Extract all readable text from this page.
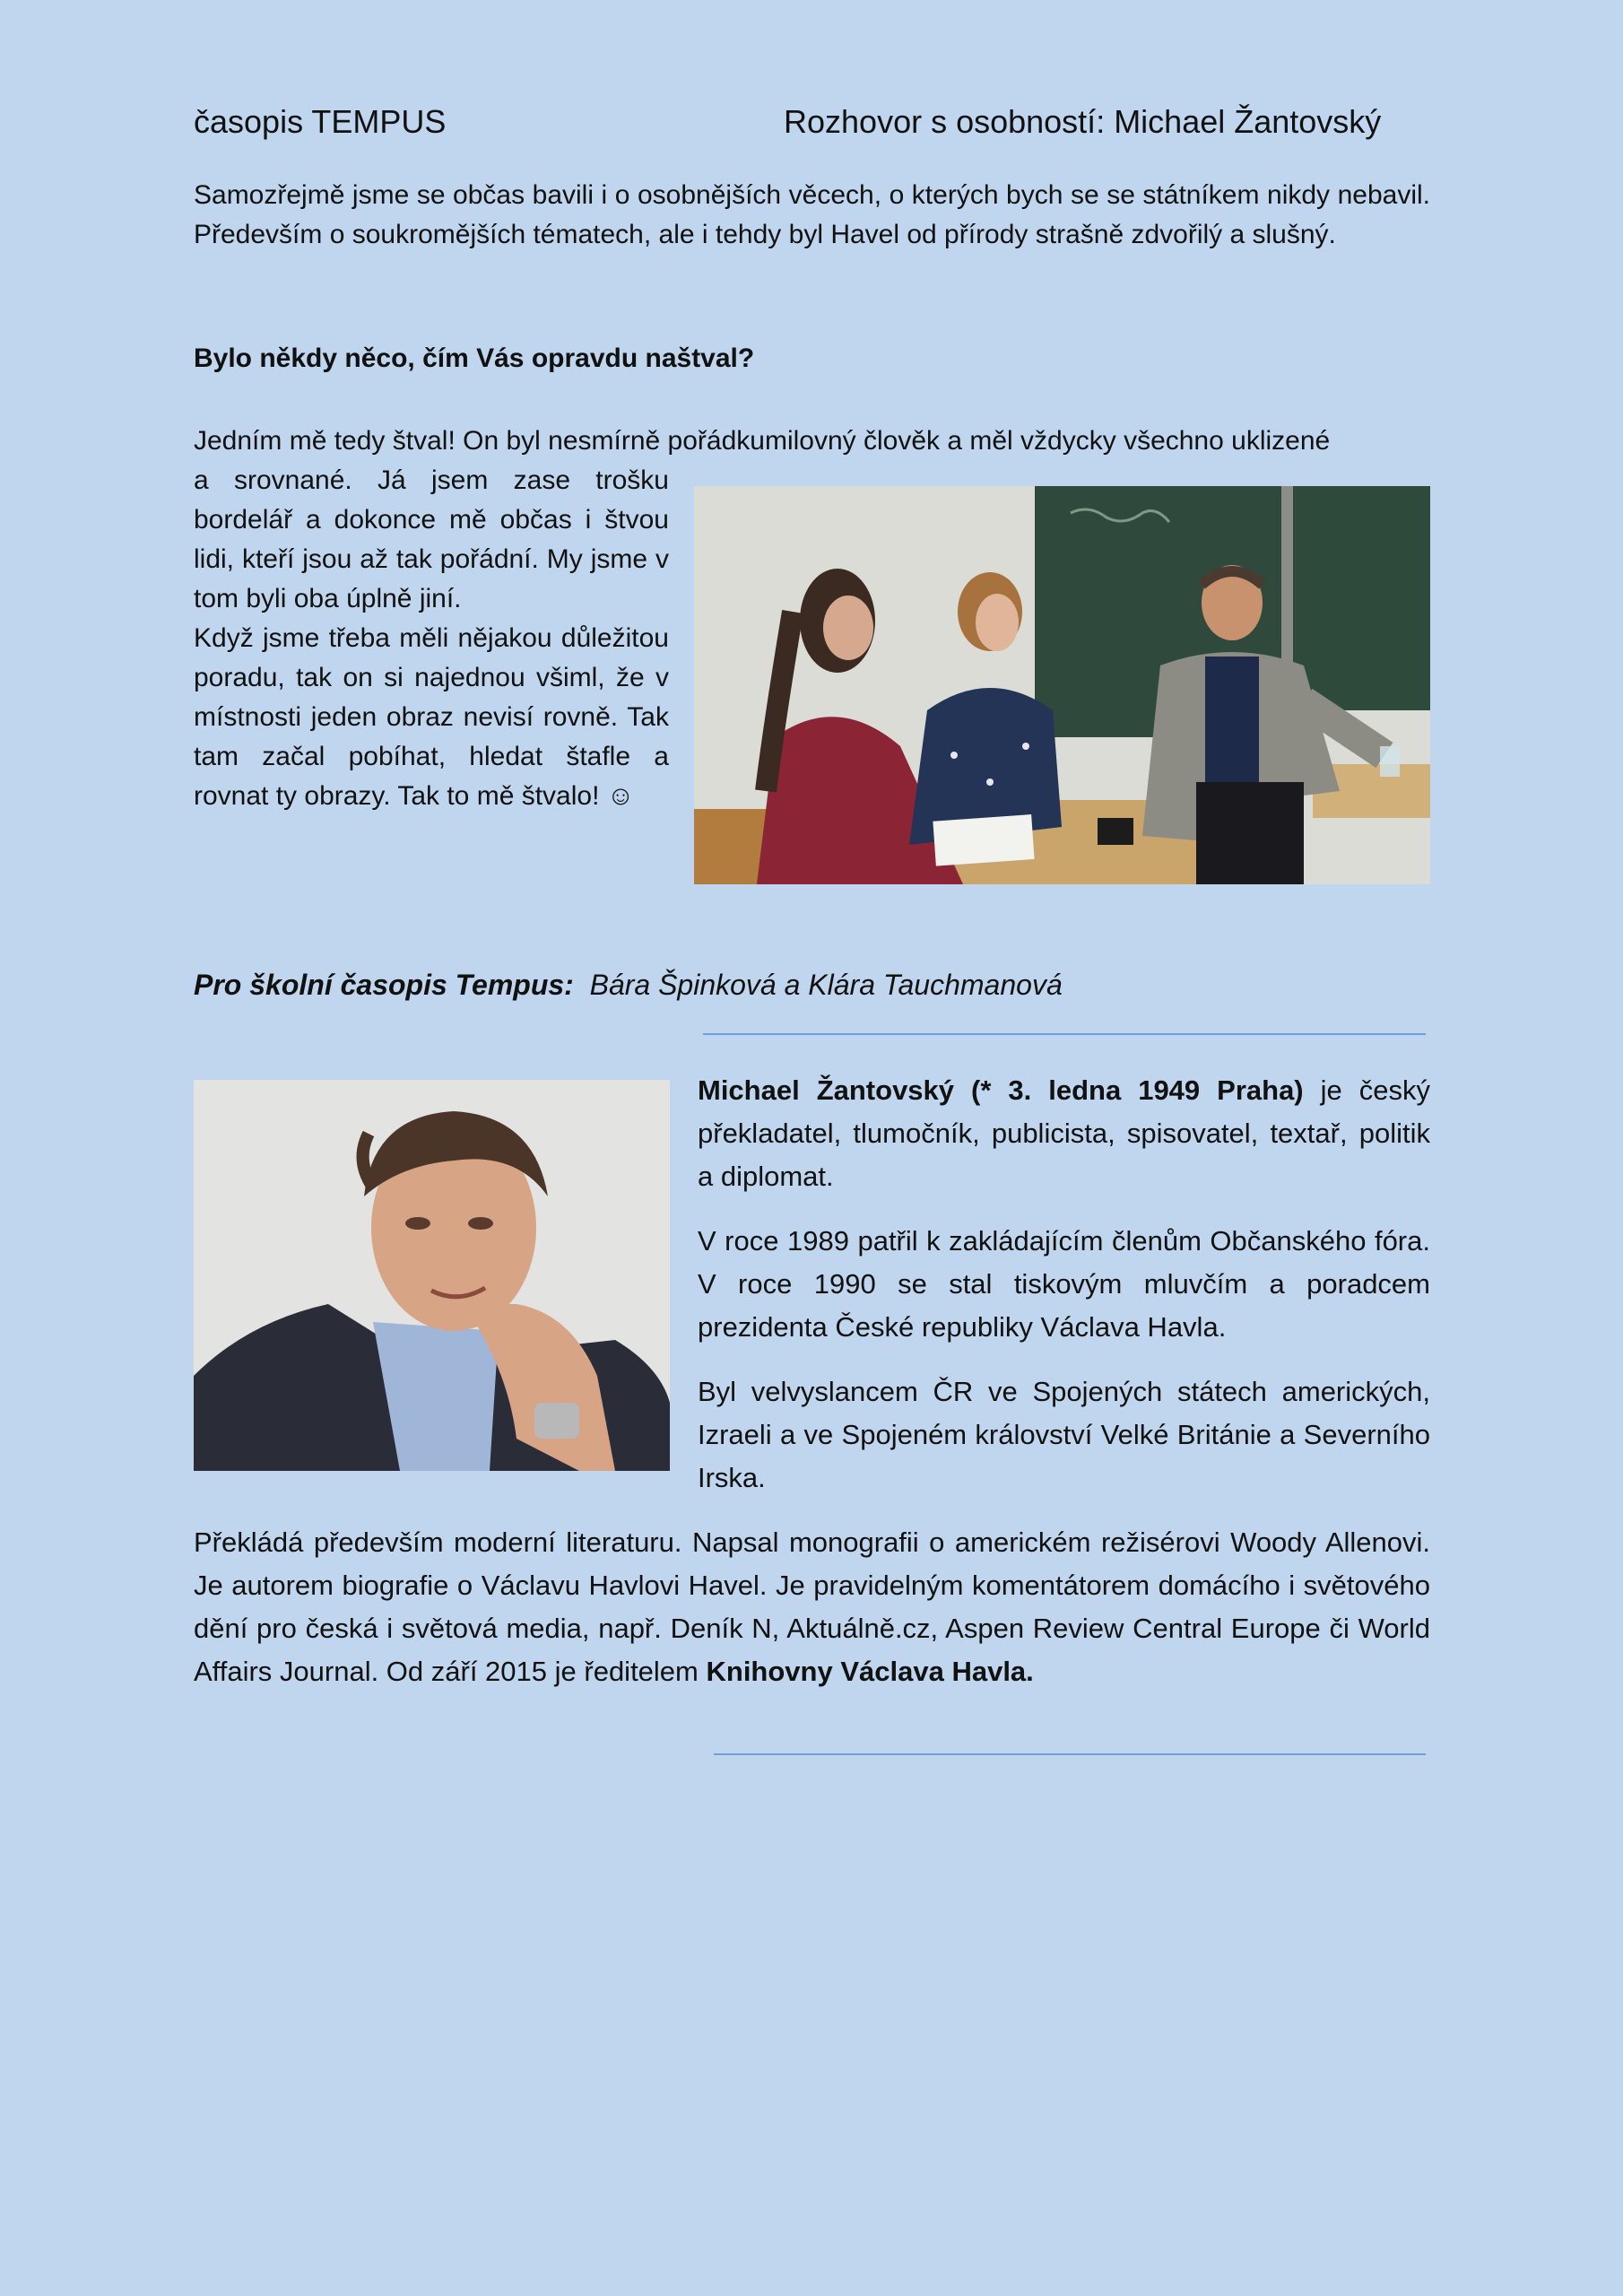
časopis TEMPUS	Rozhovor s osobností: Michael Žantovský

Samozřejmě jsme se občas bavili i o osobnějších věcech, o kterých bych se se státníkem nikdy nebavil. Především o soukromějších tématech, ale i tehdy byl Havel od přírody strašně zdvořilý a slušný.

Bylo někdy něco, čím Vás opravdu naštval?

Jedním mě tedy štval! On byl nesmírně pořádkumilovný člověk a měl vždycky všechno uklizené

a srovnané. Já jsem zase trošku bordelář a dokonce mě občas i štvou lidi, kteří jsou až tak pořádní. My jsme v tom byli oba úplně jiní.
Když jsme třeba měli nějakou důležitou poradu, tak on si najednou všiml, že v místnosti jeden obraz nevisí rovně. Tak tam začal pobíhat, hledat štafle a rovnat ty obrazy. Tak to mě štvalo! ☺
Pro školní časopis Tempus: Bára Špinková a Klára Tauchmanová

Michael Žantovský (* 3. ledna 1949 Praha) je český překladatel, tlumočník, publicista, spisovatel, textař, politik a diplomat.

V roce 1989 patřil k zakládajícím členům Občanského fóra. V roce 1990 se stal tiskovým mluvčím a poradcem prezidenta České republiky Václava Havla.

Byl velvyslancem ČR ve Spojených státech amerických, Izraeli a ve Spojeném království Velké Británie a Severního Irska.

Překládá především moderní literaturu. Napsal monografii o americkém režisérovi Woody Allenovi. Je autorem biografie o Václavu Havlovi Havel. Je pravidelným komentátorem domácího i světového dění pro česká i světová media, např. Deník N, Aktuálně.cz, Aspen Review Central Europe či World Affairs Journal. Od září 2015 je ředitelem Knihovny Václava Havla.
